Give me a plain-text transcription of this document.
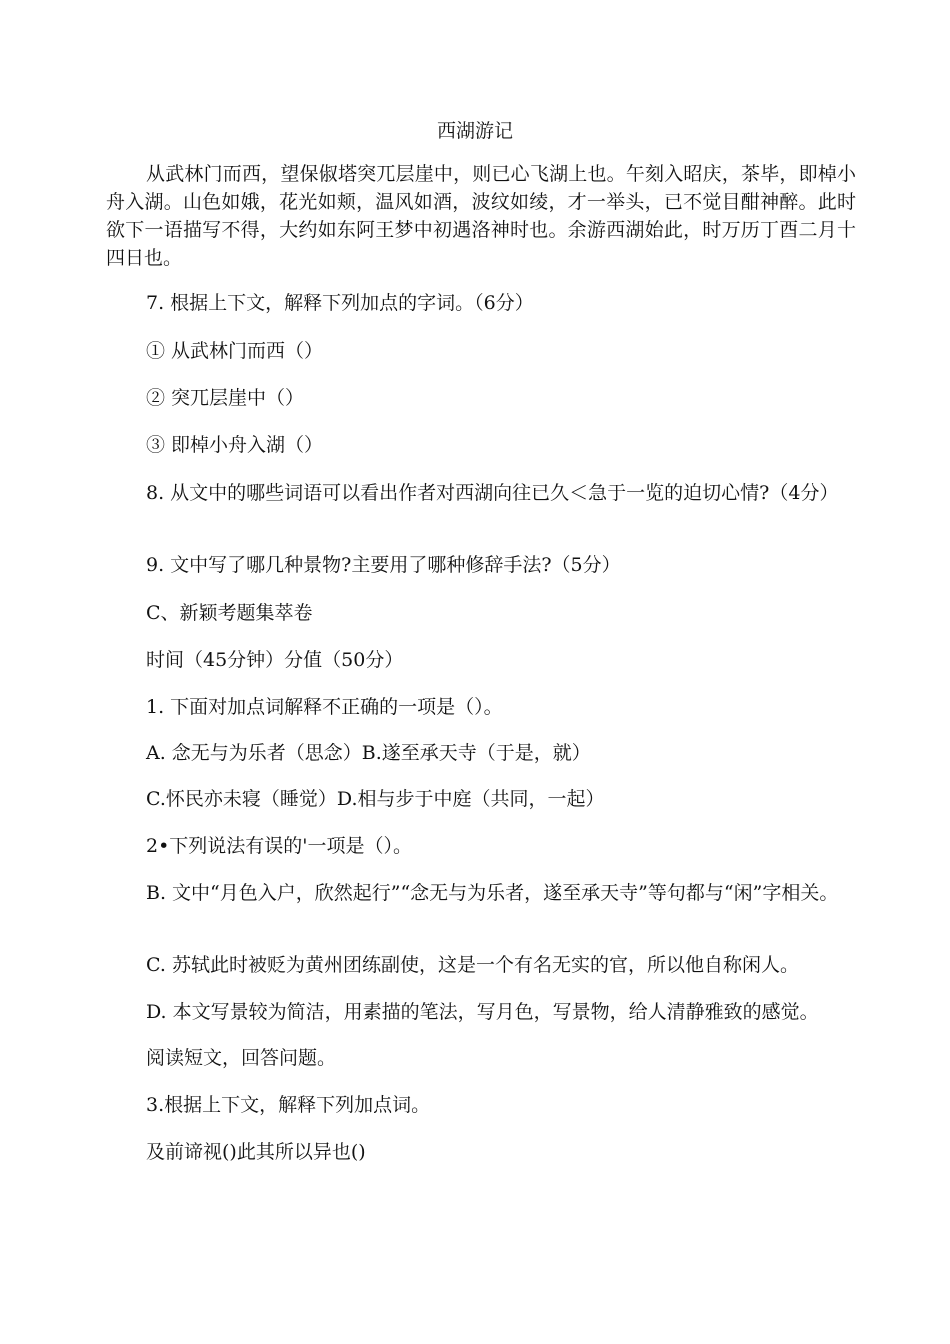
西湖游记
从武林门而西，望保俶塔突兀层崖中，则已心飞湖上也。午刻入昭庆，茶毕，即棹小舟入湖。山色如娥，花光如颊，温风如酒，波纹如绫，才一举头，已不觉目酣神醉。此时欲下一语描写不得，大约如东阿王梦中初遇洛神时也。余游西湖始此，时万历丁酉二月十四日也。
7. 根据上下文，解释下列加点的字词。（6分）
① 从武林门而西（）
② 突兀层崖中（）
③ 即棹小舟入湖（）
8. 从文中的哪些词语可以看出作者对西湖向往已久＜急于一览的迫切心情?（4分）
9. 文中写了哪几种景物?主要用了哪种修辞手法?（5分）
C、新颖考题集萃卷
时间（45分钟）分值（50分）
1. 下面对加点词解释不正确的一项是（）。
A. 念无与为乐者（思念）B.遂至承天寺（于是，就）
C.怀民亦未寝（睡觉）D.相与步于中庭（共同，一起）
2•下列说法有误的'一项是（）。
B. 文中“月色入户，欣然起行”“念无与为乐者，遂至承天寺”等句都与“闲”字相关。
C. 苏轼此时被贬为黄州团练副使，这是一个有名无实的官，所以他自称闲人。
D. 本文写景较为简洁，用素描的笔法，写月色，写景物，给人清静雅致的感觉。
阅读短文，回答问题。
3.根据上下文，解释下列加点词。
及前谛视()此其所以异也()
